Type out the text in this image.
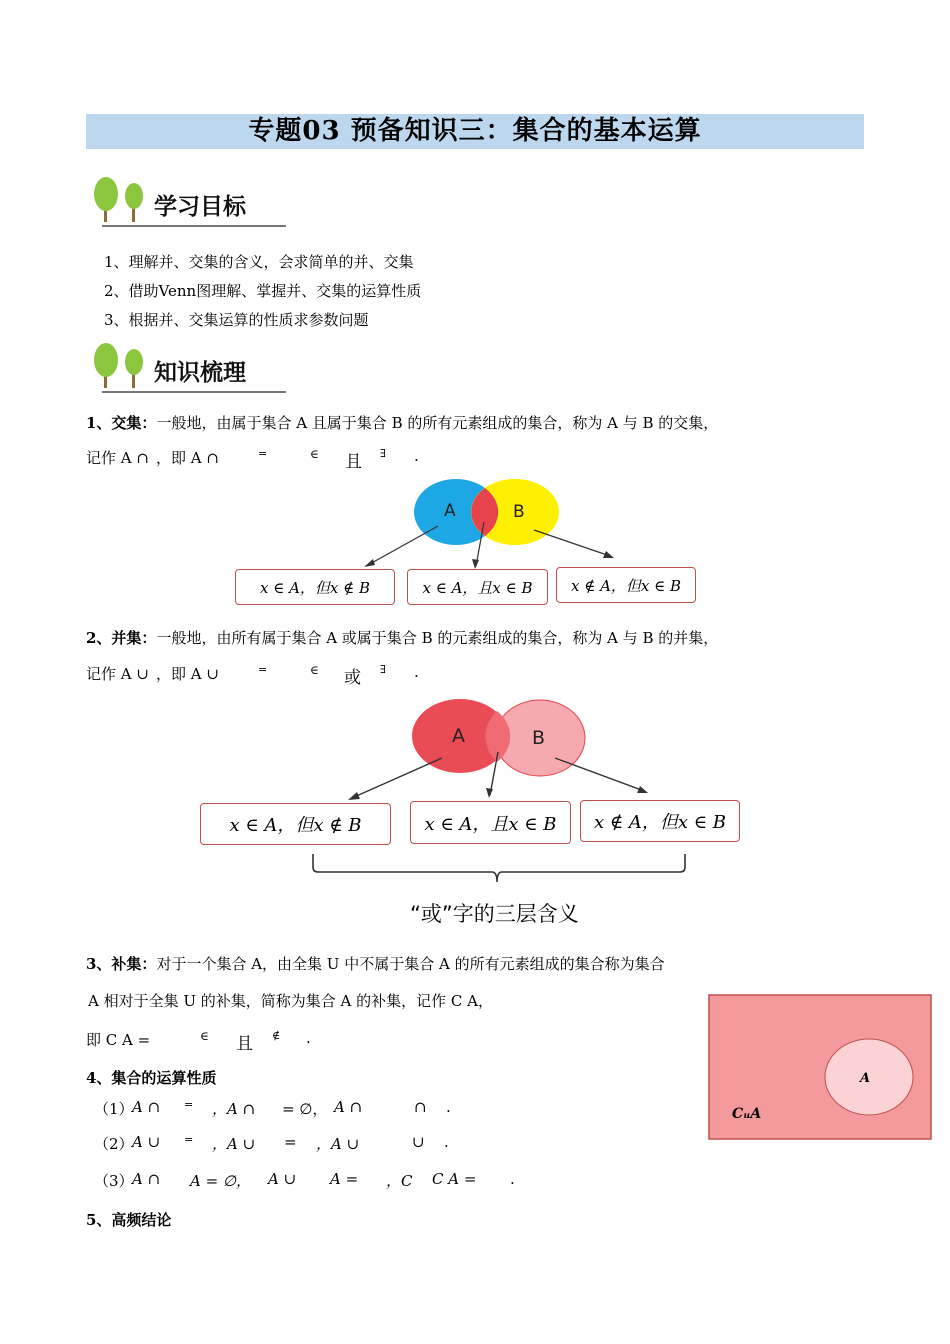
专题03 预备知识三：集合的基本运算
学习目标
1、理解并、交集的含义，会求简单的并、交集
2、借助Venn图理解、掌握并、交集的运算性质
3、根据并、交集运算的性质求参数问题
知识梳理
1、交集：一般地，由属于集合 A 且属于集合 B 的所有元素组成的集合，称为 A 与 B 的交集，
记作 A ∩ ，即 A ∩	=	∈ 且 ∃ .
A	B
x ∈ A，但x ∉ B	x ∈ A，且x ∈ B	x ∉ A，但x ∈ B
2、并集：一般地，由所有属于集合 A 或属于集合 B 的元素组成的集合，称为 A 与 B 的并集，
记作 A ∪ ，即 A ∪	=	∈ 或 ∃ .
A	B
x ∈ A，但x ∉ B	x ∈ A，且x ∈ B	x ∉ A，但x ∈ B
“或”字的三层含义
3、补集：对于一个集合 A，由全集 U 中不属于集合 A 的所有元素组成的集合称为集合
A 相对于全集 U 的补集，简称为集合 A 的补集，记作 C A，
即 C A =	∈ 且 ∉ .
A
CᵤA
4、集合的运算性质
（1）
A ∩ = ，A ∩ = ∅， A ∩	∩ .
（2）
A ∪ = ，A ∪ = ，A ∪	∪ .
（3）
A ∩ A = ∅， A ∪ A = ，C C A = .
5、高频结论
